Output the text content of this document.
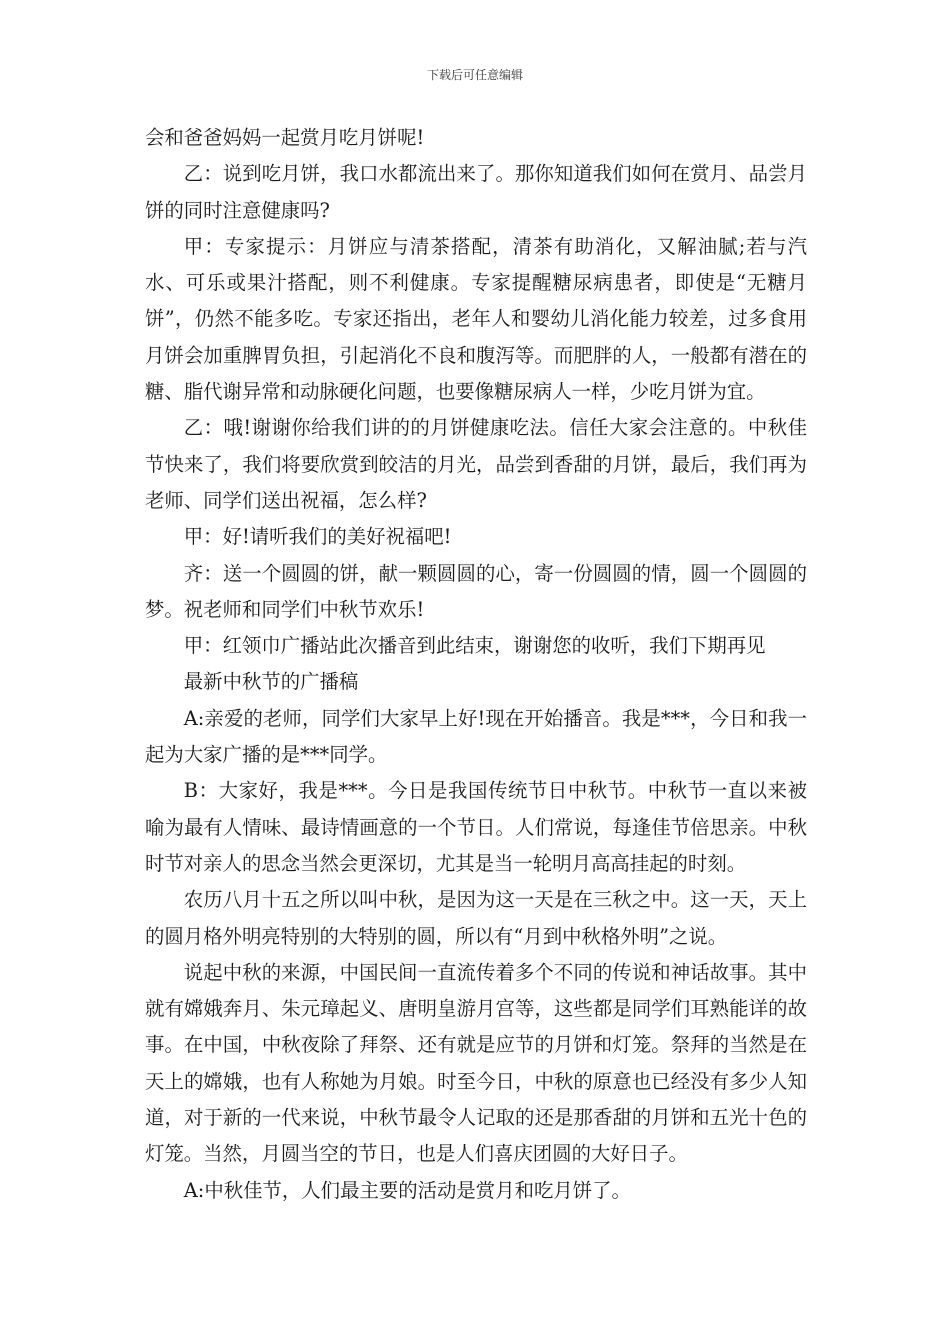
下载后可任意编辑

会和爸爸妈妈一起赏月吃月饼呢!

乙：说到吃月饼，我口水都流出来了。那你知道我们如何在赏月、品尝月饼的同时注意健康吗?

甲：专家提示：月饼应与清茶搭配，清茶有助消化，又解油腻;若与汽水、可乐或果汁搭配，则不利健康。专家提醒糖尿病患者，即使是“无糖月饼”，仍然不能多吃。专家还指出，老年人和婴幼儿消化能力较差，过多食用月饼会加重脾胃负担，引起消化不良和腹泻等。而肥胖的人，一般都有潜在的糖、脂代谢异常和动脉硬化问题，也要像糖尿病人一样，少吃月饼为宜。

乙：哦!谢谢你给我们讲的的月饼健康吃法。信任大家会注意的。中秋佳节快来了，我们将要欣赏到皎洁的月光，品尝到香甜的月饼，最后，我们再为老师、同学们送出祝福，怎么样?

甲：好!请听我们的美好祝福吧!

齐：送一个圆圆的饼，献一颗圆圆的心，寄一份圆圆的情，圆一个圆圆的梦。祝老师和同学们中秋节欢乐!

甲：红领巾广播站此次播音到此结束，谢谢您的收听，我们下期再见

最新中秋节的广播稿

A:亲爱的老师，同学们大家早上好!现在开始播音。我是***，今日和我一起为大家广播的是***同学。

B：大家好，我是***。今日是我国传统节日中秋节。中秋节一直以来被喻为最有人情味、最诗情画意的一个节日。人们常说，每逢佳节倍思亲。中秋时节对亲人的思念当然会更深切，尤其是当一轮明月高高挂起的时刻。

农历八月十五之所以叫中秋，是因为这一天是在三秋之中。这一天，天上的圆月格外明亮特别的大特别的圆，所以有“月到中秋格外明”之说。

说起中秋的来源，中国民间一直流传着多个不同的传说和神话故事。其中就有嫦娥奔月、朱元璋起义、唐明皇游月宫等，这些都是同学们耳熟能详的故事。在中国，中秋夜除了拜祭、还有就是应节的月饼和灯笼。祭拜的当然是在天上的嫦娥，也有人称她为月娘。时至今日，中秋的原意也已经没有多少人知道，对于新的一代来说，中秋节最令人记取的还是那香甜的月饼和五光十色的灯笼。当然，月圆当空的节日，也是人们喜庆团圆的大好日子。

A:中秋佳节，人们最主要的活动是赏月和吃月饼了。
